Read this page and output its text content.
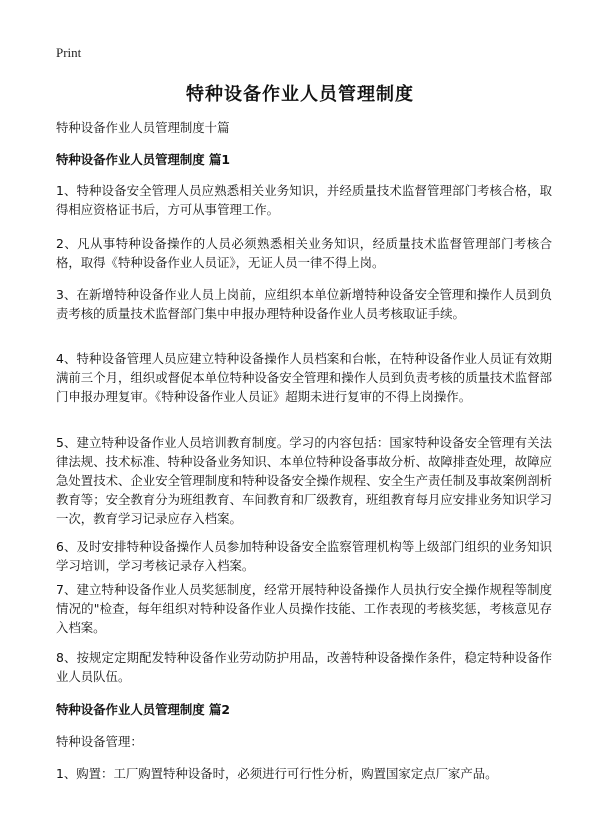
Print
特种设备作业人员管理制度
特种设备作业人员管理制度十篇
特种设备作业人员管理制度 篇1
1、特种设备安全管理人员应熟悉相关业务知识，并经质量技术监督管理部门考核合格，取得相应资格证书后，方可从事管理工作。
2、凡从事特种设备操作的人员必须熟悉相关业务知识，经质量技术监督管理部门考核合格，取得《特种设备作业人员证》，无证人员一律不得上岗。
3、在新增特种设备作业人员上岗前，应组织本单位新增特种设备安全管理和操作人员到负责考核的质量技术监督部门集中申报办理特种设备作业人员考核取证手续。
4、特种设备管理人员应建立特种设备操作人员档案和台帐，在特种设备作业人员证有效期满前三个月，组织或督促本单位特种设备安全管理和操作人员到负责考核的质量技术监督部门申报办理复审。《特种设备作业人员证》超期未进行复审的不得上岗操作。
5、建立特种设备作业人员培训教育制度。学习的内容包括：国家特种设备安全管理有关法律法规、技术标准、特种设备业务知识、本单位特种设备事故分析、故障排查处理，故障应急处置技术、企业安全管理制度和特种设备安全操作规程、安全生产责任制及事故案例剖析教育等；安全教育分为班组教育、车间教育和厂级教育，班组教育每月应安排业务知识学习一次，教育学习记录应存入档案。
6、及时安排特种设备操作人员参加特种设备安全监察管理机构等上级部门组织的业务知识学习培训，学习考核记录存入档案。
7、建立特种设备作业人员奖惩制度，经常开展特种设备操作人员执行安全操作规程等制度情况的"检查，每年组织对特种设备作业人员操作技能、工作表现的考核奖惩，考核意见存入档案。
8、按规定定期配发特种设备作业劳动防护用品，改善特种设备操作条件，稳定特种设备作业人员队伍。
特种设备作业人员管理制度 篇2
特种设备管理：
1、购置：工厂购置特种设备时，必须进行可行性分析，购置国家定点厂家产品。
